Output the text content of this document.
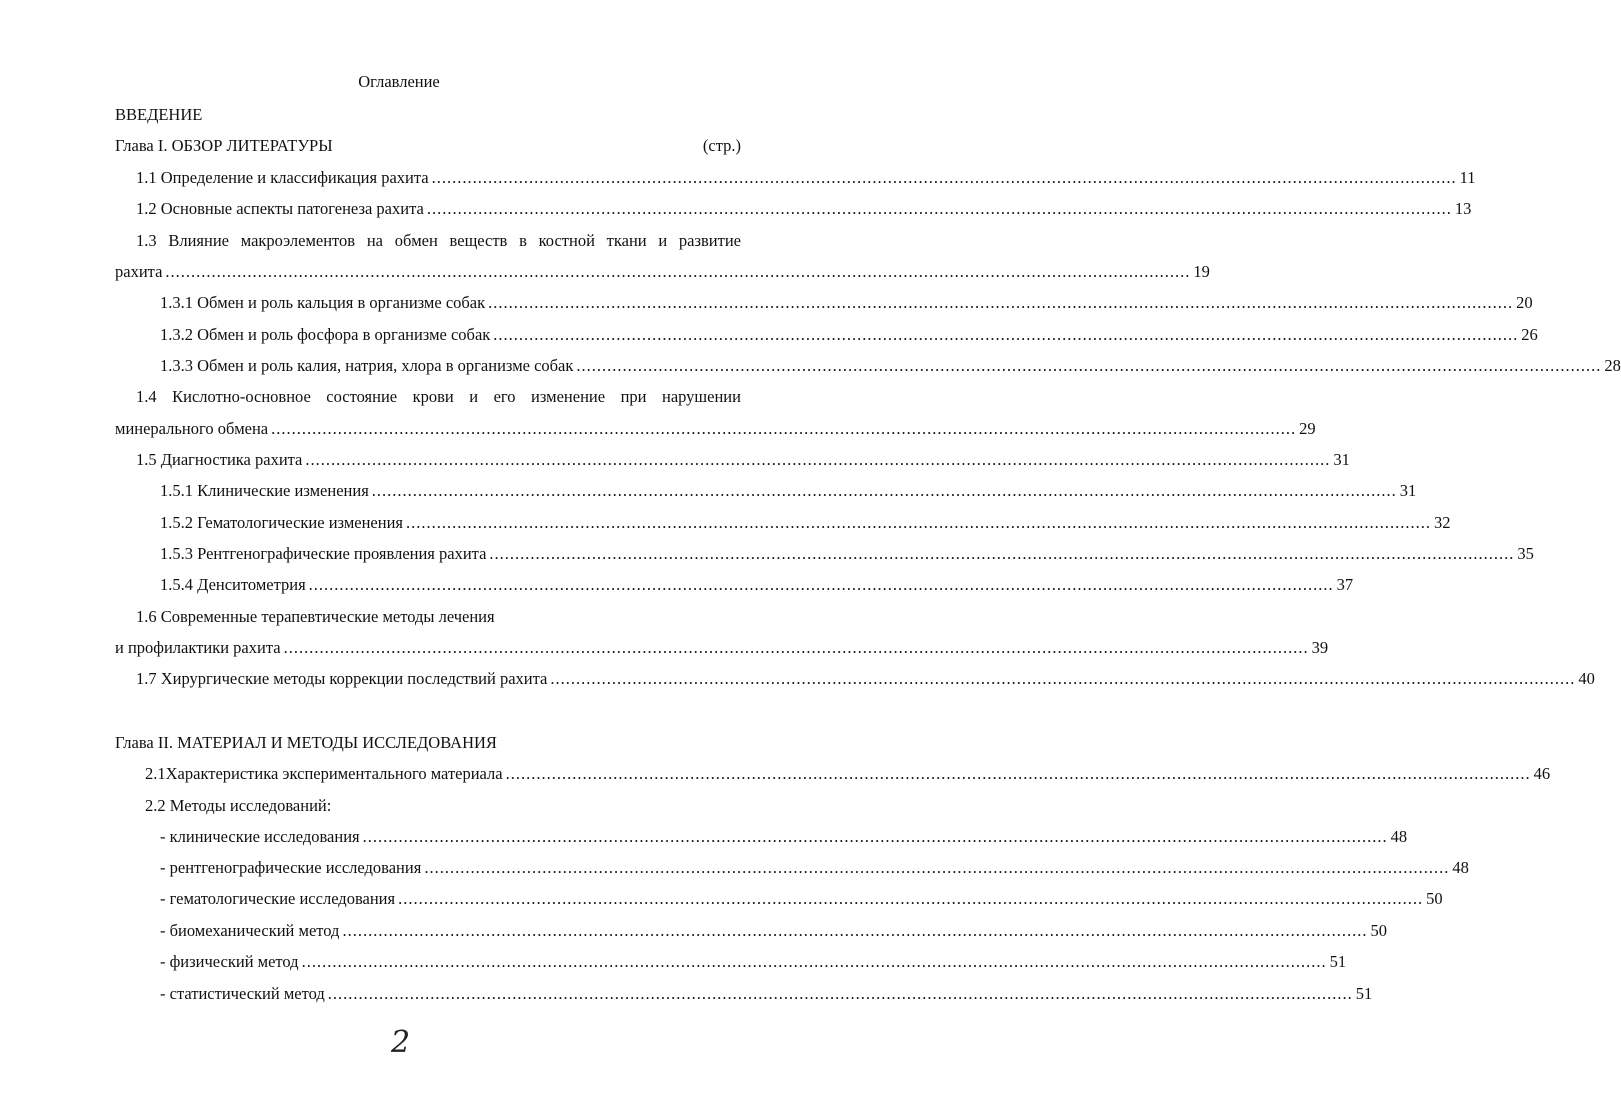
Оглавление
ВВЕДЕНИЕ
Глава I. ОБЗОР ЛИТЕРАТУРЫ	(стр.)
1.1 Определение и классификация рахита ........................................................................................................................................................................................................ 11
1.2 Основные аспекты патогенеза рахита ........................................................................................................................................................................................................ 13
1.3 Влияние макроэлементов на обмен веществ в костной ткани и развитие
рахита ........................................................................................................................................................................................................ 19
1.3.1 Обмен и роль кальция в организме собак ........................................................................................................................................................................................................ 20
1.3.2 Обмен и роль фосфора в организме собак ........................................................................................................................................................................................................ 26
1.3.3 Обмен и роль калия, натрия, хлора в организме собак ........................................................................................................................................................................................................ 28
1.4 Кислотно-основное состояние крови и его изменение при нарушении
минерального обмена ........................................................................................................................................................................................................ 29
1.5 Диагностика рахита ........................................................................................................................................................................................................ 31
1.5.1 Клинические изменения ........................................................................................................................................................................................................ 31
1.5.2 Гематологические изменения ........................................................................................................................................................................................................ 32
1.5.3 Рентгенографические проявления рахита ........................................................................................................................................................................................................ 35
1.5.4 Денситометрия ........................................................................................................................................................................................................ 37
1.6 Современные терапевтические методы лечения
и профилактики рахита ........................................................................................................................................................................................................ 39
1.7 Хирургические методы коррекции последствий рахита ........................................................................................................................................................................................................ 40
Глава II. МАТЕРИАЛ И МЕТОДЫ ИССЛЕДОВАНИЯ
2.1Характеристика экспериментального материала ........................................................................................................................................................................................................ 46
2.2 Методы исследований:
- клинические исследования ........................................................................................................................................................................................................ 48
- рентгенографические исследования ........................................................................................................................................................................................................ 48
- гематологические исследования ........................................................................................................................................................................................................ 50
- биомеханический метод ........................................................................................................................................................................................................ 50
- физический метод ........................................................................................................................................................................................................ 51
- статистический метод ........................................................................................................................................................................................................ 51
2
